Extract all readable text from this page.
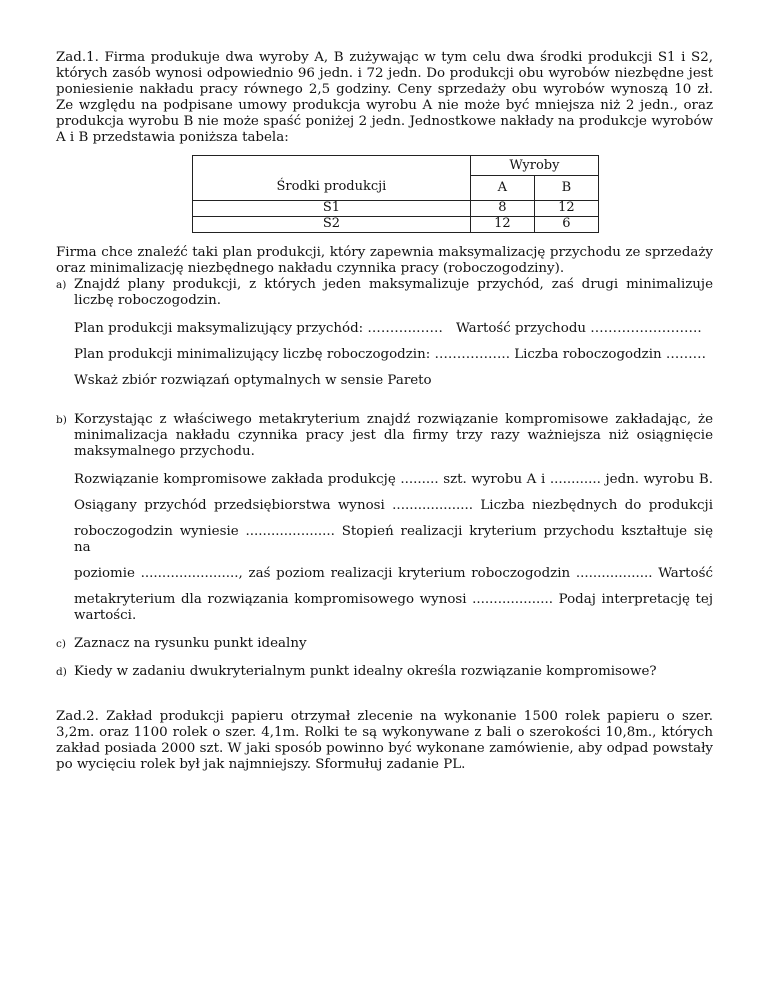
Zad.1. Firma produkuje dwa wyroby A, B zużywając w tym celu dwa środki produkcji S1 i S2, których zasób wynosi odpowiednio 96 jedn. i 72 jedn. Do produkcji obu wyrobów niezbędne jest poniesienie nakładu pracy równego 2,5 godziny. Ceny sprzedaży obu wyrobów wynoszą 10 zł. Ze względu na podpisane umowy produkcja wyrobu A nie może być mniejsza niż 2 jedn., oraz produkcja wyrobu B nie może spaść poniżej 2 jedn. Jednostkowe nakłady na produkcje wyrobów A i B przedstawia poniższa tabela:

	Wyroby	

Środki produkcji	A	B
S1	8	12
S2	12	6

Firma chce znaleźć taki plan produkcji, który zapewnia maksymalizację przychodu ze sprzedaży oraz minimalizację niezbędnego nakładu czynnika pracy (roboczogodziny).

a) Znajdź plany produkcji, z których jeden maksymalizuje przychód, zaś drugi minimalizuje liczbę roboczogodzin.
Plan produkcji maksymalizujący przychód: ………..…… Wartość przychodu …………………….

Plan produkcji minimalizujący liczbę roboczogodzin: …………….. Liczba roboczogodzin ………

Wskaż zbiór rozwiązań optymalnych w sensie Pareto

b) Korzystając z właściwego metakryterium znajdź rozwiązanie kompromisowe zakładając, że minimalizacja nakładu czynnika pracy jest dla firmy trzy razy ważniejsza niż osiągnięcie maksymalnego przychodu.

Rozwiązanie kompromisowe zakłada produkcję ......... szt. wyrobu A i ............ jedn. wyrobu B.

Osiągany przychód przedsiębiorstwa wynosi ................... Liczba niezbędnych do produkcji

roboczogodzin wyniesie ..................... Stopień realizacji kryterium przychodu kształtuje się na

poziomie ......................., zaś poziom realizacji kryterium roboczogodzin .................. Wartość

metakryterium dla rozwiązania kompromisowego wynosi ................... Podaj interpretację tej wartości.

c) Zaznacz na rysunku punkt idealny
d) Kiedy w zadaniu dwukryterialnym punkt idealny określa rozwiązanie kompromisowe?

Zad.2. Zakład produkcji papieru otrzymał zlecenie na wykonanie 1500 rolek papieru o szer. 3,2m. oraz 1100 rolek o szer. 4,1m. Rolki te są wykonywane z bali o szerokości 10,8m., których zakład posiada 2000 szt. W jaki sposób powinno być wykonane zamówienie, aby odpad powstały po wycięciu rolek był jak najmniejszy. Sformułuj zadanie PL.
